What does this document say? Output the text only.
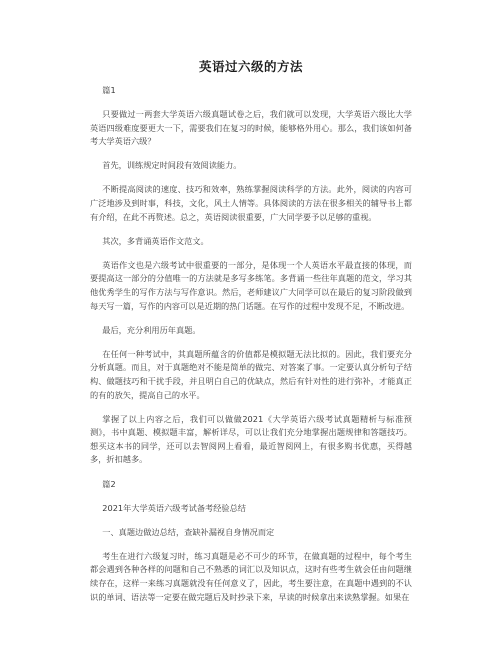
英语过六级的方法

篇1

只要做过一两套大学英语六级真题试卷之后，我们就可以发现，大学英语六级比大学英语四级难度要更大一下，需要我们在复习的时候，能够格外用心。那么，我们该如何备考大学英语六级？

首先，训练规定时间段有效阅读能力。

不断提高阅读的速度、技巧和效率，熟练掌握阅读科学的方法。此外，阅读的内容可广泛地涉及到时事，科技，文化，风土人情等。具体阅读的方法在很多相关的辅导书上都有介绍，在此不再赘述。总之，英语阅读很重要，广大同学要予以足够的重视。

其次，多背诵英语作文范文。

英语作文也是六级考试中很重要的一部分，是体现一个人英语水平最直接的体现，而要提高这一部分的分值唯一的方法就是多写多练笔。多背诵一些往年真题的范文，学习其他优秀学生的写作方法与写作意识。然后，老师建议广大同学可以在最后的复习阶段做到每天写一篇，写作的内容可以是近期的热门话题。在写作的过程中发现不足，不断改进。

最后，充分利用历年真题。

在任何一种考试中，其真题所蕴含的价值都是模拟题无法比拟的。因此，我们要充分分析真题。而且，对于真题绝对不能是简单的做完、对答案了事。一定要认真分析句子结构、做题技巧和干扰手段，并且明白自己的优缺点，然后有针对性的进行弥补，才能真正的有的放矢，提高自己的水平。

掌握了以上内容之后，我们可以做做2021《大学英语六级考试真题精析与标准预测》，书中真题、模拟题丰富，解析详尽，可以让我们充分地掌握出题规律和答题技巧。想买这本书的同学，还可以去智阅网上看看，最近智阅网上，有很多购书优惠，买得越多，折扣越多。

篇2

2021年大学英语六级考试备考经验总结

一、真题边做边总结，查缺补漏视自身情况而定

考生在进行六级复习时，练习真题是必不可少的环节，在做真题的过程中，每个考生都会遇到各种各样的问题和自己不熟悉的词汇以及知识点，这时有些考生就会任由问题继续存在，这样一来练习真题就没有任何意义了，因此，考生要注意，在真题中遇到的不认识的单词、语法等一定要在做完题后及时抄录下来，早读的时候拿出来读熟掌握。如果在
